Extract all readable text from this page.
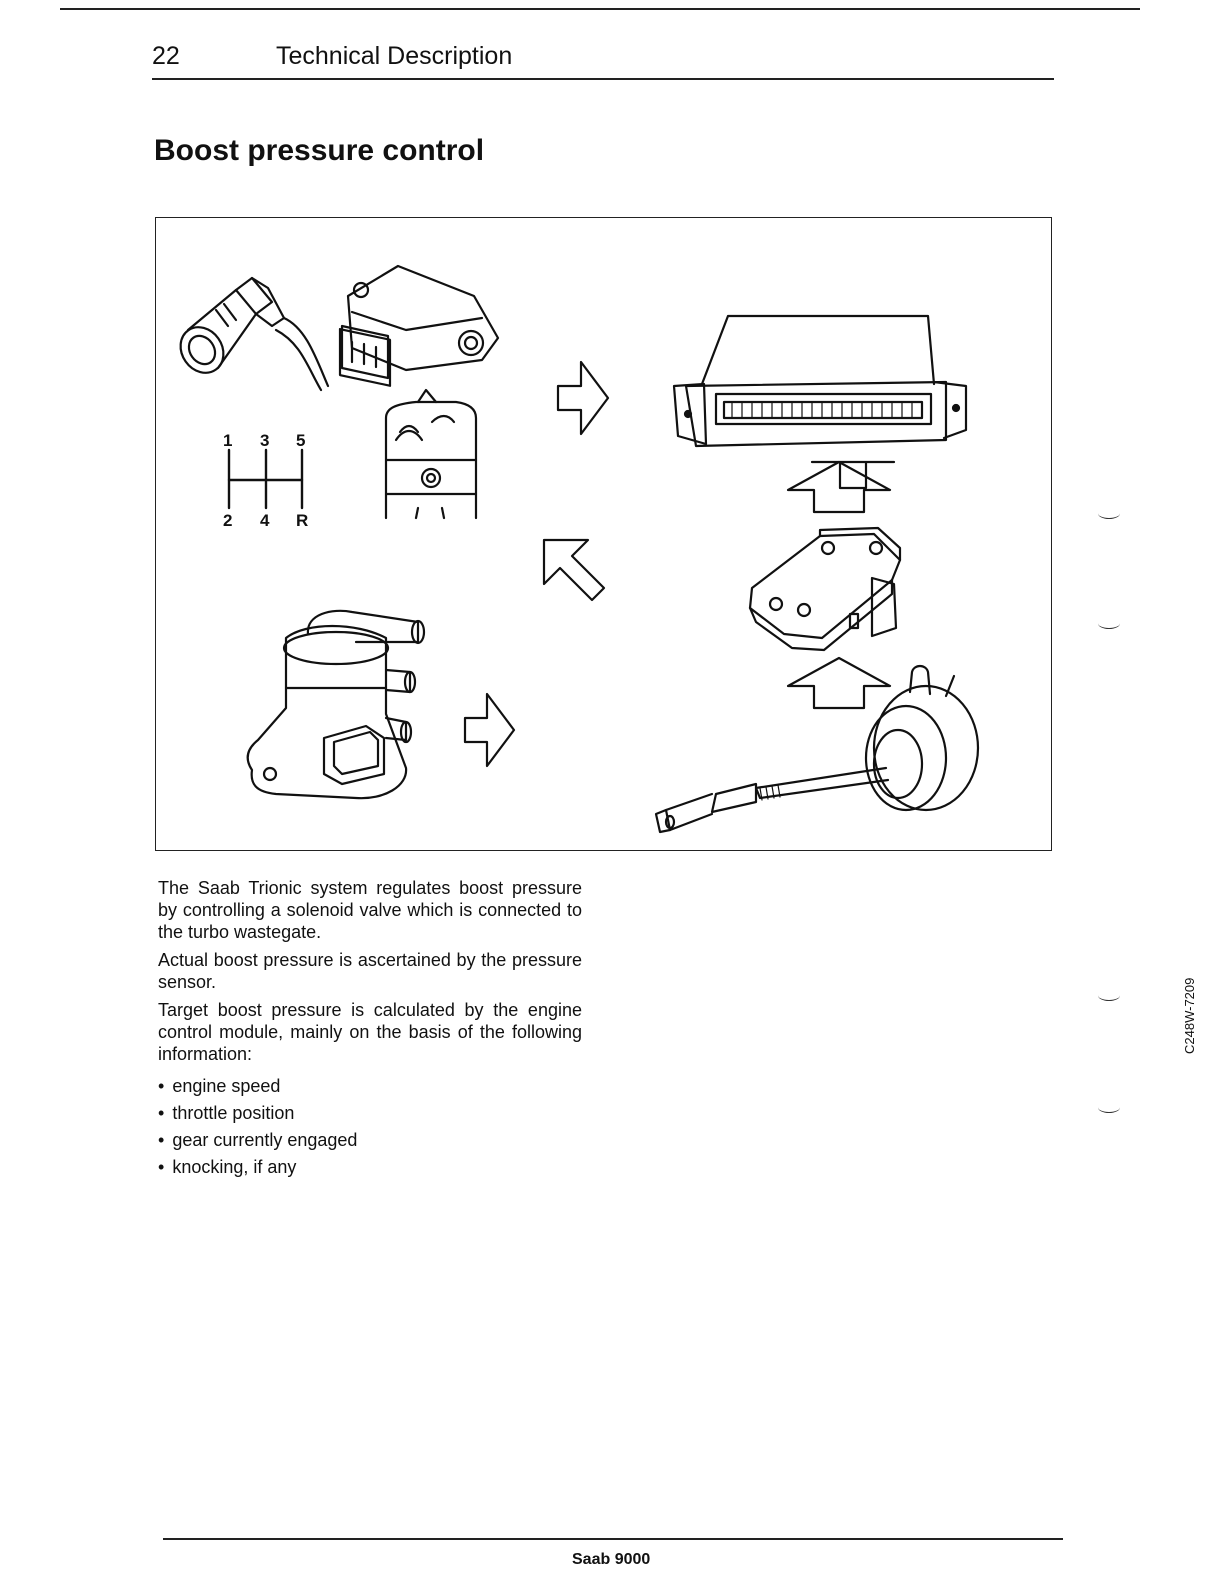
22	Technical Description
Boost pressure control
1 3 5
2 4 R
C248W-7209

The Saab Trionic system regulates boost pressure by controlling a solenoid valve which is connected to the turbo wastegate.

Actual boost pressure is ascertained by the pressure sensor.

Target boost pressure is calculated by the engine control module, mainly on the basis of the following information:

• engine speed
• throttle position
• gear currently engaged
• knocking, if any
Saab 9000
